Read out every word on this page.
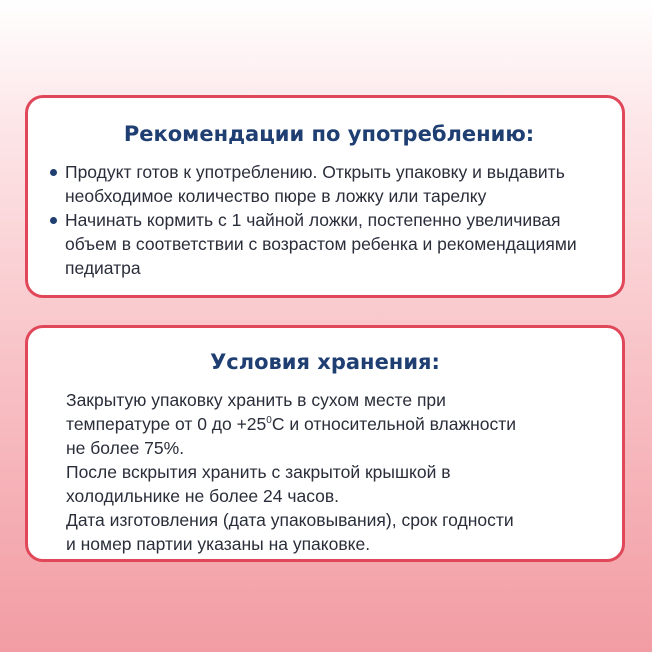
Рекомендации по употреблению:
Продукт готов к употреблению. Открыть упаковку и выдавить необходимое количество пюре в ложку или тарелку
Начинать кормить с 1 чайной ложки, постепенно увеличивая объем в соответствии с возрастом ребенка и рекомендациями педиатра
Условия хранения:
Закрытую упаковку хранить в сухом месте при
температуре от 0 до $+25^0С$ и относительной влажности
не более 75%.
После вскрытия хранить с закрытой крышкой в
холодильнике не более 24 часов.
Дата изготовления (дата упаковывания), срок годности
и номер партии указаны на упаковке.
